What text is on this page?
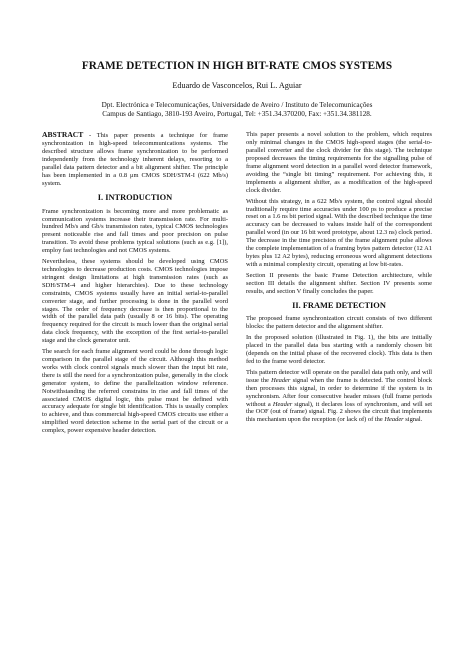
FRAME DETECTION IN HIGH BIT-RATE CMOS SYSTEMS
Eduardo de Vasconcelos, Rui L. Aguiar
Dpt. Electrónica e Telecomunicações, Universidade de Aveiro / Instituto de Telecomunicações
Campus de Santiago, 3810-193 Aveiro, Portugal, Tel: +351.34.370200, Fax: +351.34.381128.

ABSTRACT - This paper presents a technique for frame synchronization in high-speed telecommunications systems. The described structure allows frame synchronization to be performed independently from the technology inherent delays, resorting to a parallel data pattern detector and a bit alignment shifter. The principle has been implemented in a 0.8 μm CMOS SDH/STM-I (622 Mb/s) system.

I. INTRODUCTION

Frame synchronization is becoming more and more problematic as communication systems increase their transmission rate. For multi-hundred Mb/s and Gb/s transmission rates, typical CMOS technologies present noticeable rise and fall times and poor precision on pulse transition. To avoid these problems typical solutions (such as e.g. [1]), employ fast technologies and not CMOS systems.

Nevertheless, these systems should be developed using CMOS technologies to decrease production costs. CMOS technologies impose stringent design limitations at high transmission rates (such as SDH/STM-4 and higher hierarchies). Due to these technology constraints, CMOS systems usually have an initial serial-to-parallel converter stage, and further processing is done in the parallel word stages. The order of frequency decrease is then proportional to the width of the parallel data path (usually 8 or 16 bits). The operating frequency required for the circuit is much lower than the original serial data clock frequency, with the exception of the first serial-to-parallel stage and the clock generator unit.

The search for each frame alignment word could be done through logic comparison in the parallel stage of the circuit. Although this method works with clock control signals much slower than the input bit rate, there is still the need for a synchronization pulse, generally in the clock generator system, to define the parallelization window reference. Notwithstanding the referred constrains in rise and fall times of the associated CMOS digital logic, this pulse must be defined with accuracy adequate for single bit identification. This is usually complex to achieve, and thus commercial high-speed CMOS circuits use either a simplified word detection scheme in the serial part of the circuit or a complex, power expensive header detection.

This paper presents a novel solution to the problem, which requires only minimal changes in the CMOS high-speed stages (the serial-to-parallel converter and the clock divider for this stage). The technique proposed decreases the timing requirements for the signalling pulse of frame alignment word detection in a parallel word detector framework, avoiding the “single bit timing” requirement. For achieving this, it implements a alignment shifter, as a modification of the high-speed clock divider.

Without this strategy, in a 622 Mb/s system, the control signal should traditionally require time accuracies under 100 ps to produce a precise reset on a 1.6 ns bit period signal. With the described technique the time accuracy can be decreased to values inside half of the correspondent parallel word (in our 16 bit word prototype, about 12.3 ns) clock period. The decrease in the time precision of the frame alignment pulse allows the complete implementation of a framing bytes pattern detector (12 A1 bytes plus 12 A2 bytes), reducing erroneous word alignment detections with a minimal complexity circuit, operating at low bit-rates.

Section II presents the basic Frame Detection architecture, while section III details the alignment shifter. Section IV presents some results, and section V finally concludes the paper.

II. FRAME DETECTION

The proposed frame synchronization circuit consists of two different blocks: the pattern detector and the alignment shifter.

In the proposed solution (illustrated in Fig. 1), the bits are initially placed in the parallel data bus starting with a randomly chosen bit (depends on the initial phase of the recovered clock). This data is then fed to the frame word detector.

This pattern detector will operate on the parallel data path only, and will issue the Header signal when the frame is detected. The control block then processes this signal, in order to determine if the system is in synchronism. After four consecutive header misses (full frame periods without a Header signal), it declares loss of synchronism, and will set the OOF (out of frame) signal. Fig. 2 shows the circuit that implements this mechanism upon the reception (or lack of) of the Header signal.
